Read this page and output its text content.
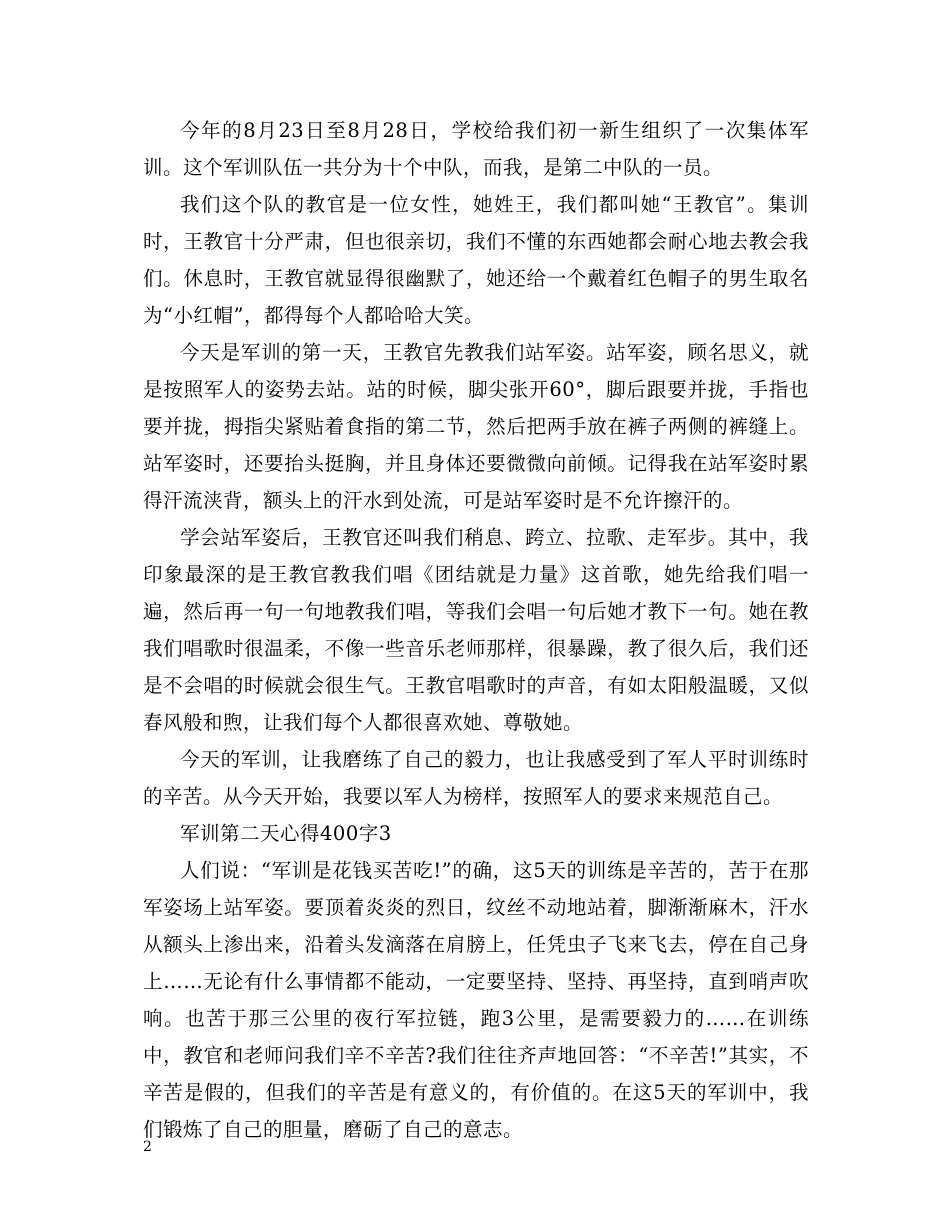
今年的8月23日至8月28日，学校给我们初一新生组织了一次集体军训。这个军训队伍一共分为十个中队，而我，是第二中队的一员。

我们这个队的教官是一位女性，她姓王，我们都叫她“王教官”。集训时，王教官十分严肃，但也很亲切，我们不懂的东西她都会耐心地去教会我们。休息时，王教官就显得很幽默了，她还给一个戴着红色帽子的男生取名为“小红帽”，都得每个人都哈哈大笑。

今天是军训的第一天，王教官先教我们站军姿。站军姿，顾名思义，就是按照军人的姿势去站。站的时候，脚尖张开60°，脚后跟要并拢，手指也要并拢，拇指尖紧贴着食指的第二节，然后把两手放在裤子两侧的裤缝上。站军姿时，还要抬头挺胸，并且身体还要微微向前倾。记得我在站军姿时累得汗流浃背，额头上的汗水到处流，可是站军姿时是不允许擦汗的。

学会站军姿后，王教官还叫我们稍息、跨立、拉歌、走军步。其中，我印象最深的是王教官教我们唱《团结就是力量》这首歌，她先给我们唱一遍，然后再一句一句地教我们唱，等我们会唱一句后她才教下一句。她在教我们唱歌时很温柔，不像一些音乐老师那样，很暴躁，教了很久后，我们还是不会唱的时候就会很生气。王教官唱歌时的声音，有如太阳般温暖，又似春风般和煦，让我们每个人都很喜欢她、尊敬她。

今天的军训，让我磨练了自己的毅力，也让我感受到了军人平时训练时的辛苦。从今天开始，我要以军人为榜样，按照军人的要求来规范自己。

军训第二天心得400字3

人们说：“军训是花钱买苦吃!”的确，这5天的训练是辛苦的，苦于在那军姿场上站军姿。要顶着炎炎的烈日，纹丝不动地站着，脚渐渐麻木，汗水从额头上渗出来，沿着头发滴落在肩膀上，任凭虫子飞来飞去，停在自己身上……无论有什么事情都不能动，一定要坚持、坚持、再坚持，直到哨声吹响。也苦于那三公里的夜行军拉链，跑3公里，是需要毅力的……在训练中，教官和老师问我们辛不辛苦?我们往往齐声地回答：“不辛苦!”其实，不辛苦是假的，但我们的辛苦是有意义的，有价值的。在这5天的军训中，我们锻炼了自己的胆量，磨砺了自己的意志。

2
